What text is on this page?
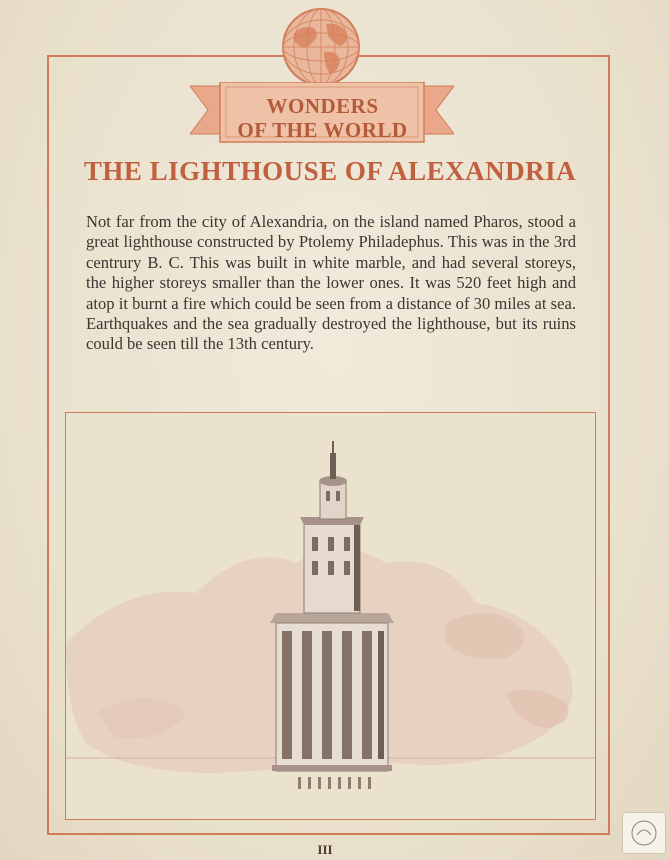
WONDERS
OF THE WORLD
THE LIGHTHOUSE OF ALEXANDRIA
Not far from the city of Alexandria, on the island named Pharos, stood a great lighthouse constructed by Ptolemy Philadephus. This was in the 3rd centrury B. C. This was built in white marble, and had several storeys, the higher storeys smaller than the lower ones. It was 520 feet high and atop it burnt a fire which could be seen from a distance of 30 miles at sea. Earthquakes and the sea gradually destroyed the lighthouse, but its ruins could be seen till the 13th century.
III
